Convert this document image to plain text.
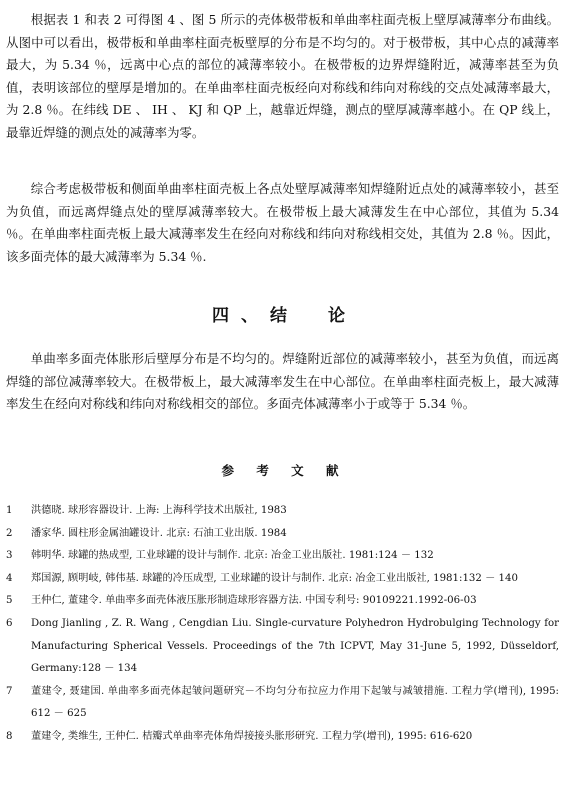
根据表 1 和表 2 可得图 4 、图 5 所示的壳体极带板和单曲率柱面壳板上壁厚减薄率分布曲线。从图中可以看出，极带板和单曲率柱面壳板壁厚的分布是不均匀的。对于极带板，其中心点的减薄率最大，为 5.34 ％，远离中心点的部位的减薄率较小。在极带板的边界焊缝附近，减薄率甚至为负值，表明该部位的壁厚是增加的。在单曲率柱面壳板经向对称线和纬向对称线的交点处减薄率最大，为 2.8 ％。在纬线 DE 、 IH 、 KJ 和 QP 上，越靠近焊缝，测点的壁厚减薄率越小。在 QP 线上，最靠近焊缝的测点处的减薄率为零。

综合考虑极带板和侧面单曲率柱面壳板上各点处壁厚减薄率知焊缝附近点处的减薄率较小，甚至为负值，而远离焊缝点处的壁厚减薄率较大。在极带板上最大减薄发生在中心部位，其值为 5.34 ％。在单曲率柱面壳板上最大减薄率发生在经向对称线和纬向对称线相交处，其值为 2.8 ％。因此，该多面壳体的最大减薄率为 5.34 ％.

四、结　论

单曲率多面壳体胀形后壁厚分布是不均匀的。焊缝附近部位的减薄率较小，甚至为负值，而远离焊缝的部位减薄率较大。在极带板上，最大减薄率发生在中心部位。在单曲率柱面壳板上，最大减薄率发生在经向对称线和纬向对称线相交的部位。多面壳体减薄率小于或等于 5.34 ％。

参 考 文 献
1	洪德晓. 球形容器设计. 上海: 上海科学技术出版社, 1983
2	潘家华. 圆柱形金属油罐设计. 北京: 石油工业出版. 1984
3	韩明华. 球罐的热成型, 工业球罐的设计与制作. 北京: 冶金工业出版社. 1981:124 － 132
4	郑国源, 顾明岐, 韩伟基. 球罐的冷压成型, 工业球罐的设计与制作. 北京: 冶金工业出版社, 1981:132 － 140
5	王仲仁, 董建令. 单曲率多面壳体液压胀形制造球形容器方法. 中国专利号: 90109221.1992-06-03
6	Dong Jianling , Z. R. Wang , Cengdian Liu. Single-curvature Polyhedron Hydrobulging Technology for Manufacturing Spherical Vessels. Proceedings of the 7th ICPVT, May 31-June 5, 1992, Düsseldorf, Germany:128 － 134
7	董建令, 聂建国. 单曲率多面壳体起皱问题研究－不均匀分布拉应力作用下起皱与减皱措施. 工程力学(增刊), 1995: 612 － 625
8	董建令, 类维生, 王仲仁. 桔瓣式单曲率壳体角焊接接头胀形研究. 工程力学(增刊), 1995: 616-620
